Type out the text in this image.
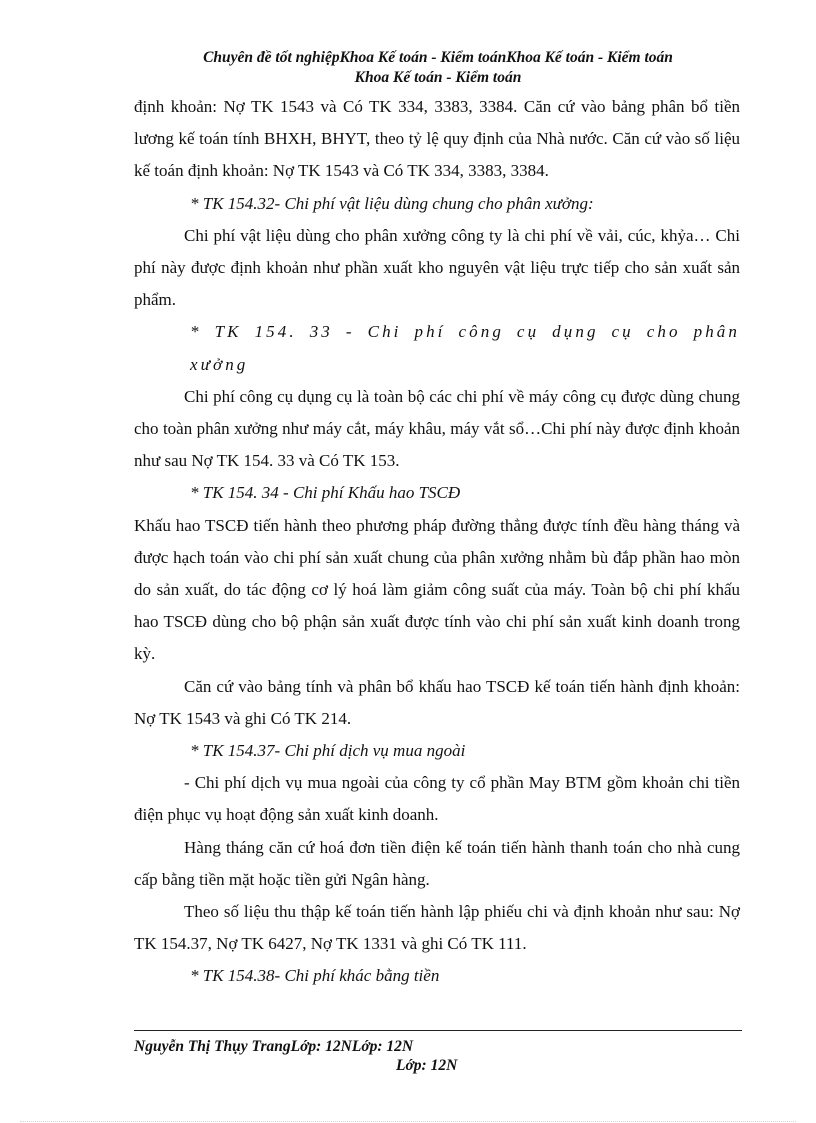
Chuyên đề tốt nghiệpKhoa Kế toán - Kiểm toánKhoa Kế toán - Kiểm toán
Khoa Kế toán - Kiểm toán

định khoản: Nợ TK 1543 và Có TK 334, 3383, 3384. Căn cứ vào bảng phân bổ tiền lương kế toán tính BHXH, BHYT, theo tỷ lệ quy định của Nhà nước. Căn cứ vào số liệu kế toán định khoản: Nợ TK 1543 và Có TK 334, 3383, 3384.

* TK 154.32- Chi phí vật liệu dùng chung cho phân xưởng:

Chi phí vật liệu dùng cho phân xưởng công ty là chi phí về vải, cúc, khỷa… Chi phí này được định khoản như phần xuất kho nguyên vật liệu trực tiếp cho sản xuất sản phẩm.

* TK 154. 33 - Chi phí công cụ dụng cụ cho phân xưởng

Chi phí công cụ dụng cụ là toàn bộ các chi phí về máy công cụ được dùng chung cho toàn phân xưởng như máy cắt, máy khâu, máy vắt sổ…Chi phí này được định khoản như sau Nợ TK 154. 33 và Có TK 153.

* TK 154. 34 - Chi phí Khấu hao TSCĐ

Khấu hao TSCĐ tiến hành theo phương pháp đường thẳng được tính đều hàng tháng và được hạch toán vào chi phí sản xuất chung của phân xưởng nhằm bù đắp phần hao mòn do sản xuất, do tác động cơ lý hoá làm giảm công suất của máy. Toàn bộ chi phí khấu hao TSCĐ dùng cho bộ phận sản xuất được tính vào chi phí sản xuất kinh doanh trong kỳ.

Căn cứ vào bảng tính và phân bổ khấu hao TSCĐ kế toán tiến hành định khoản: Nợ TK 1543 và ghi Có TK 214.

* TK 154.37- Chi phí dịch vụ mua ngoài

- Chi phí dịch vụ mua ngoài của công ty cổ phần May BTM gồm khoản chi tiền điện phục vụ hoạt động sản xuất kinh doanh.

Hàng tháng căn cứ hoá đơn tiền điện kế toán tiến hành thanh toán cho nhà cung cấp bằng tiền mặt hoặc tiền gửi Ngân hàng.

Theo số liệu thu thập kế toán tiến hành lập phiếu chi và định khoản như sau: Nợ TK 154.37, Nợ TK 6427, Nợ TK 1331 và ghi Có TK 111.

* TK 154.38- Chi phí khác bằng tiền

Nguyễn Thị Thụy TrangLớp: 12NLớp: 12N
Lớp: 12N
